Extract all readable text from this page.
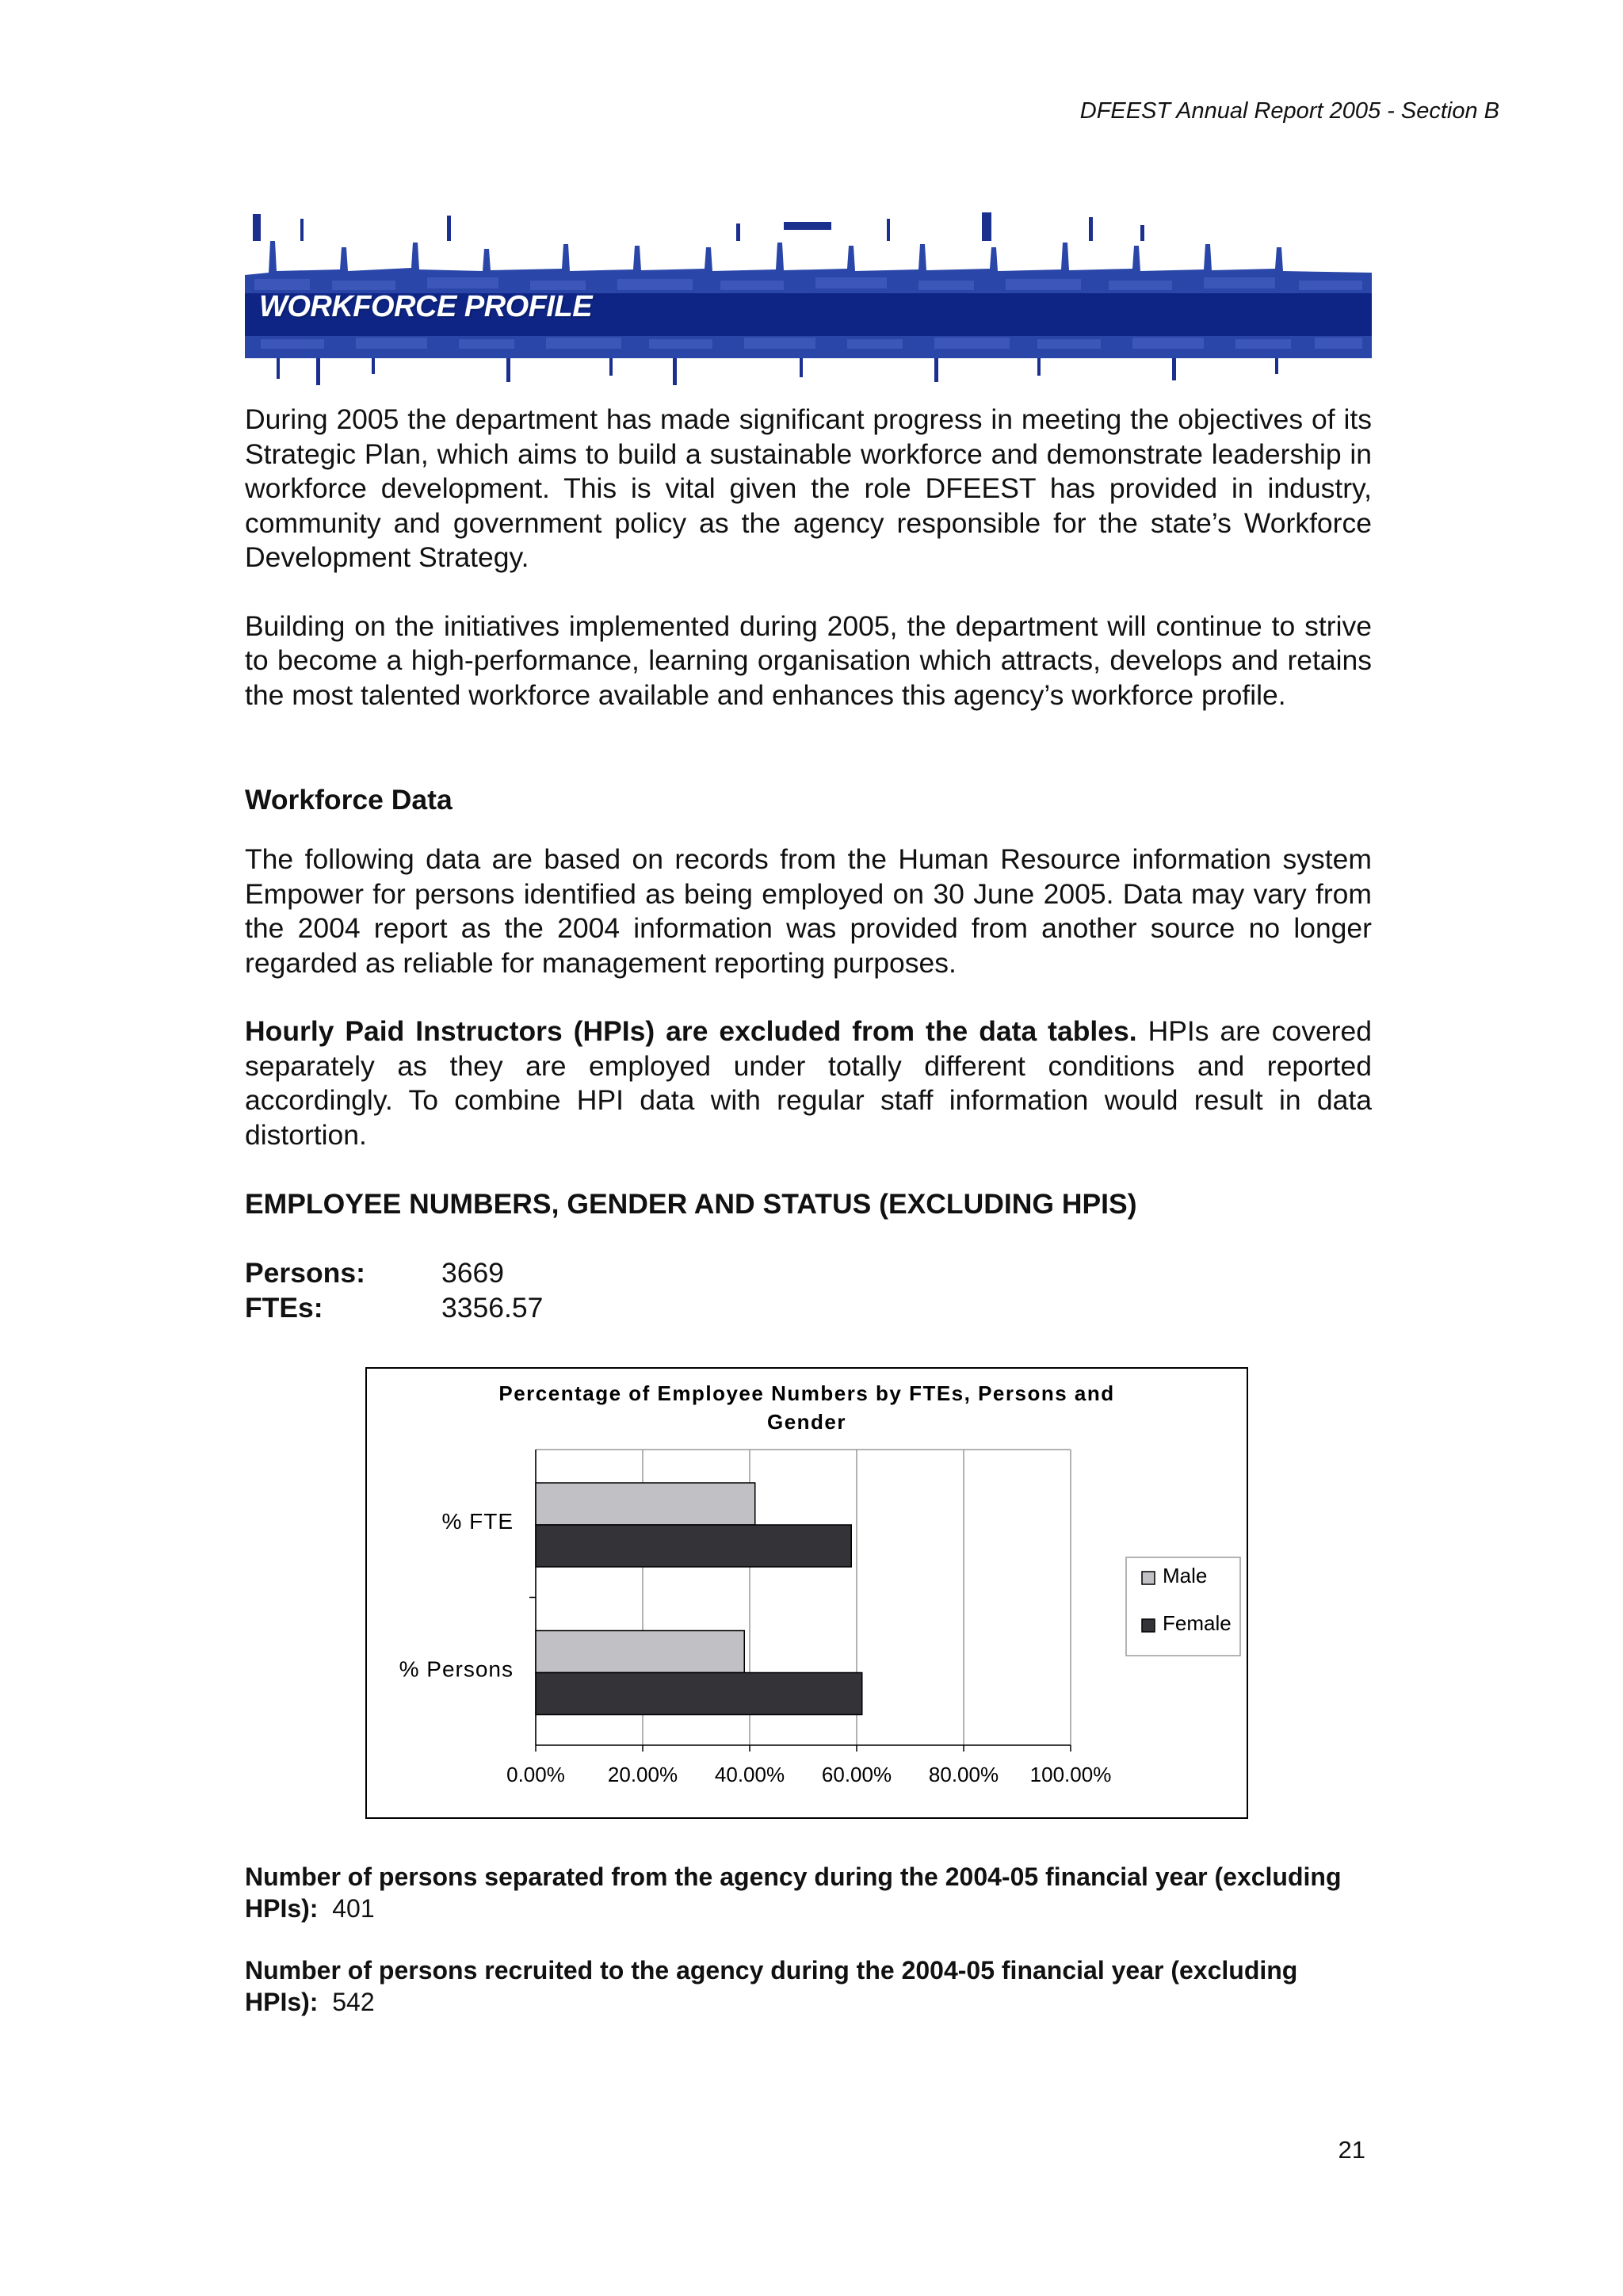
DFEEST Annual Report 2005 - Section B
WORKFORCE PROFILE

During 2005 the department has made significant progress in meeting the objectives of its Strategic Plan, which aims to build a sustainable workforce and demonstrate leadership in workforce development. This is vital given the role DFEEST has provided in industry, community and government policy as the agency responsible for the state’s Workforce Development Strategy.

Building on the initiatives implemented during 2005, the department will continue to strive to become a high-performance, learning organisation which attracts, develops and retains the most talented workforce available and enhances this agency’s workforce profile.

Workforce Data

The following data are based on records from the Human Resource information system Empower for persons identified as being employed on 30 June 2005. Data may vary from the 2004 report as the 2004 information was provided from another source no longer regarded as reliable for management reporting purposes.

Hourly Paid Instructors (HPIs) are excluded from the data tables. HPIs are covered separately as they are employed under totally different conditions and reported accordingly. To combine HPI data with regular staff information would result in data distortion.

EMPLOYEE NUMBERS, GENDER AND STATUS (EXCLUDING HPIS)

Persons:	3669
FTEs:	3356.57
Percentage of Employee Numbers by FTEs, Persons and Gender
0.00% 20.00% 40.00% 60.00% 80.00% 100.00%
% FTE
% Persons
Male
Female
Number of persons separated from the agency during the 2004-05 financial year (excluding HPIs): 401
Number of persons recruited to the agency during the 2004-05 financial year (excluding HPIs): 542
21
